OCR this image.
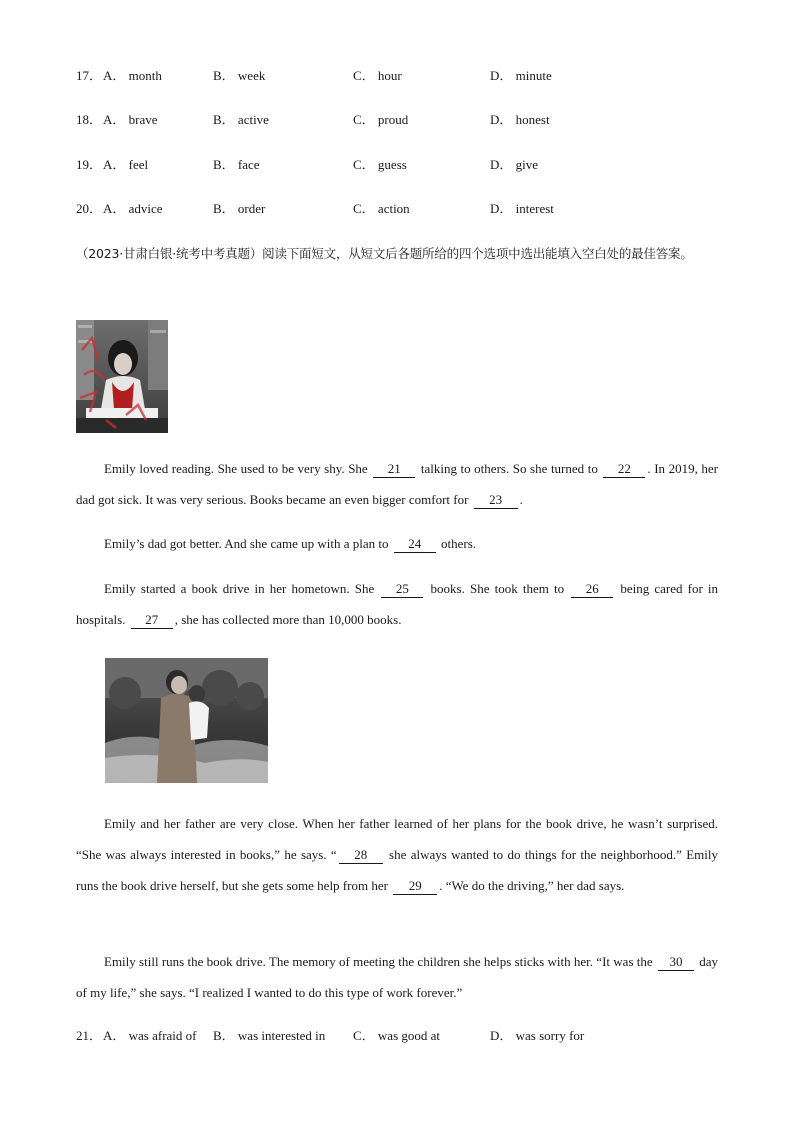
17． A． month	B． week	C． hour	D． minute
18． A． brave	B． active	C． proud	D． honest
19． A． feel	B． face	C． guess	D． give
20． A． advice	B． order	C． action	D． interest
（2023·甘肃白银·统考中考真题）阅读下面短文，从短文后各题所给的四个选项中选出能填入空白处的最佳答案。
Emily loved reading. She used to be very shy. She 21 talking to others. So she turned to 22 . In 2019, her dad got sick. It was very serious. Books became an even bigger comfort for 23 .
Emily’s dad got better. And she came up with a plan to 24 others.
Emily started a book drive in her hometown. She 25 books. She took them to 26 being cared for in hospitals. 27 , she has collected more than 10,000 books.
Emily and her father are very close. When her father learned of her plans for the book drive, he wasn’t surprised. “She was always interested in books,” he says. “ 28 she always wanted to do things for the neighborhood.” Emily runs the book drive herself, but she gets some help from her 29 . “We do the driving,” her dad says.
Emily still runs the book drive. The memory of meeting the children she helps sticks with her. “It was the 30 day of my life,” she says. “I realized I wanted to do this type of work forever.”
21． A． was afraid of B． was interested in C． was good at	D． was sorry for
